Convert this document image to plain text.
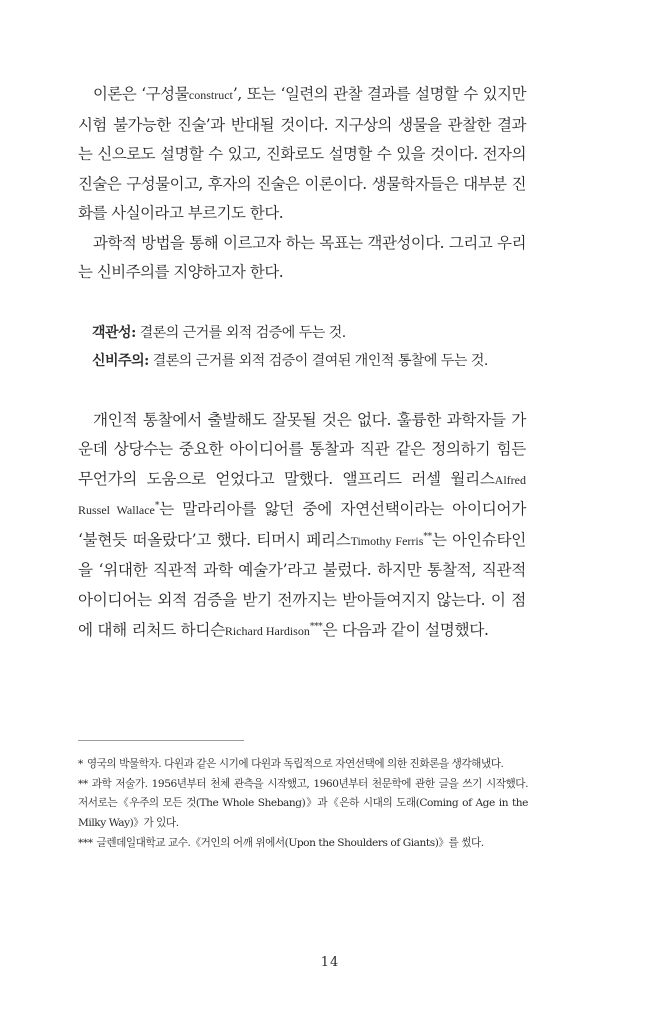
이론은 ‘구성물construct’, 또는 ‘일련의 관찰 결과를 설명할 수 있지만 시험 불가능한 진술’과 반대될 것이다. 지구상의 생물을 관찰한 결과는 신으로도 설명할 수 있고, 진화로도 설명할 수 있을 것이다. 전자의 진술은 구성물이고, 후자의 진술은 이론이다. 생물학자들은 대부분 진화를 사실이라고 부르기도 한다.

과학적 방법을 통해 이르고자 하는 목표는 객관성이다. 그리고 우리는 신비주의를 지양하고자 한다.

객관성: 결론의 근거를 외적 검증에 두는 것.
신비주의: 결론의 근거를 외적 검증이 결여된 개인적 통찰에 두는 것.

개인적 통찰에서 출발해도 잘못될 것은 없다. 훌륭한 과학자들 가운데 상당수는 중요한 아이디어를 통찰과 직관 같은 정의하기 힘든 무언가의 도움으로 얻었다고 말했다. 앨프리드 러셀 월리스Alfred Russel Wallace*는 말라리아를 앓던 중에 자연선택이라는 아이디어가 ‘불현듯 떠올랐다’고 했다. 티머시 페리스Timothy Ferris**는 아인슈타인을 ‘위대한 직관적 과학 예술가’라고 불렀다. 하지만 통찰적, 직관적 아이디어는 외적 검증을 받기 전까지는 받아들여지지 않는다. 이 점에 대해 리처드 하디슨Richard Hardison***은 다음과 같이 설명했다.

* 영국의 박물학자. 다윈과 같은 시기에 다윈과 독립적으로 자연선택에 의한 진화론을 생각해냈다.

** 과학 저술가. 1956년부터 천체 관측을 시작했고, 1960년부터 천문학에 관한 글을 쓰기 시작했다. 저서로는《우주의 모든 것(The Whole Shebang)》과《은하 시대의 도래(Coming of Age in the Milky Way)》가 있다.

*** 글렌데일대학교 교수.《거인의 어깨 위에서(Upon the Shoulders of Giants)》를 썼다.

14
